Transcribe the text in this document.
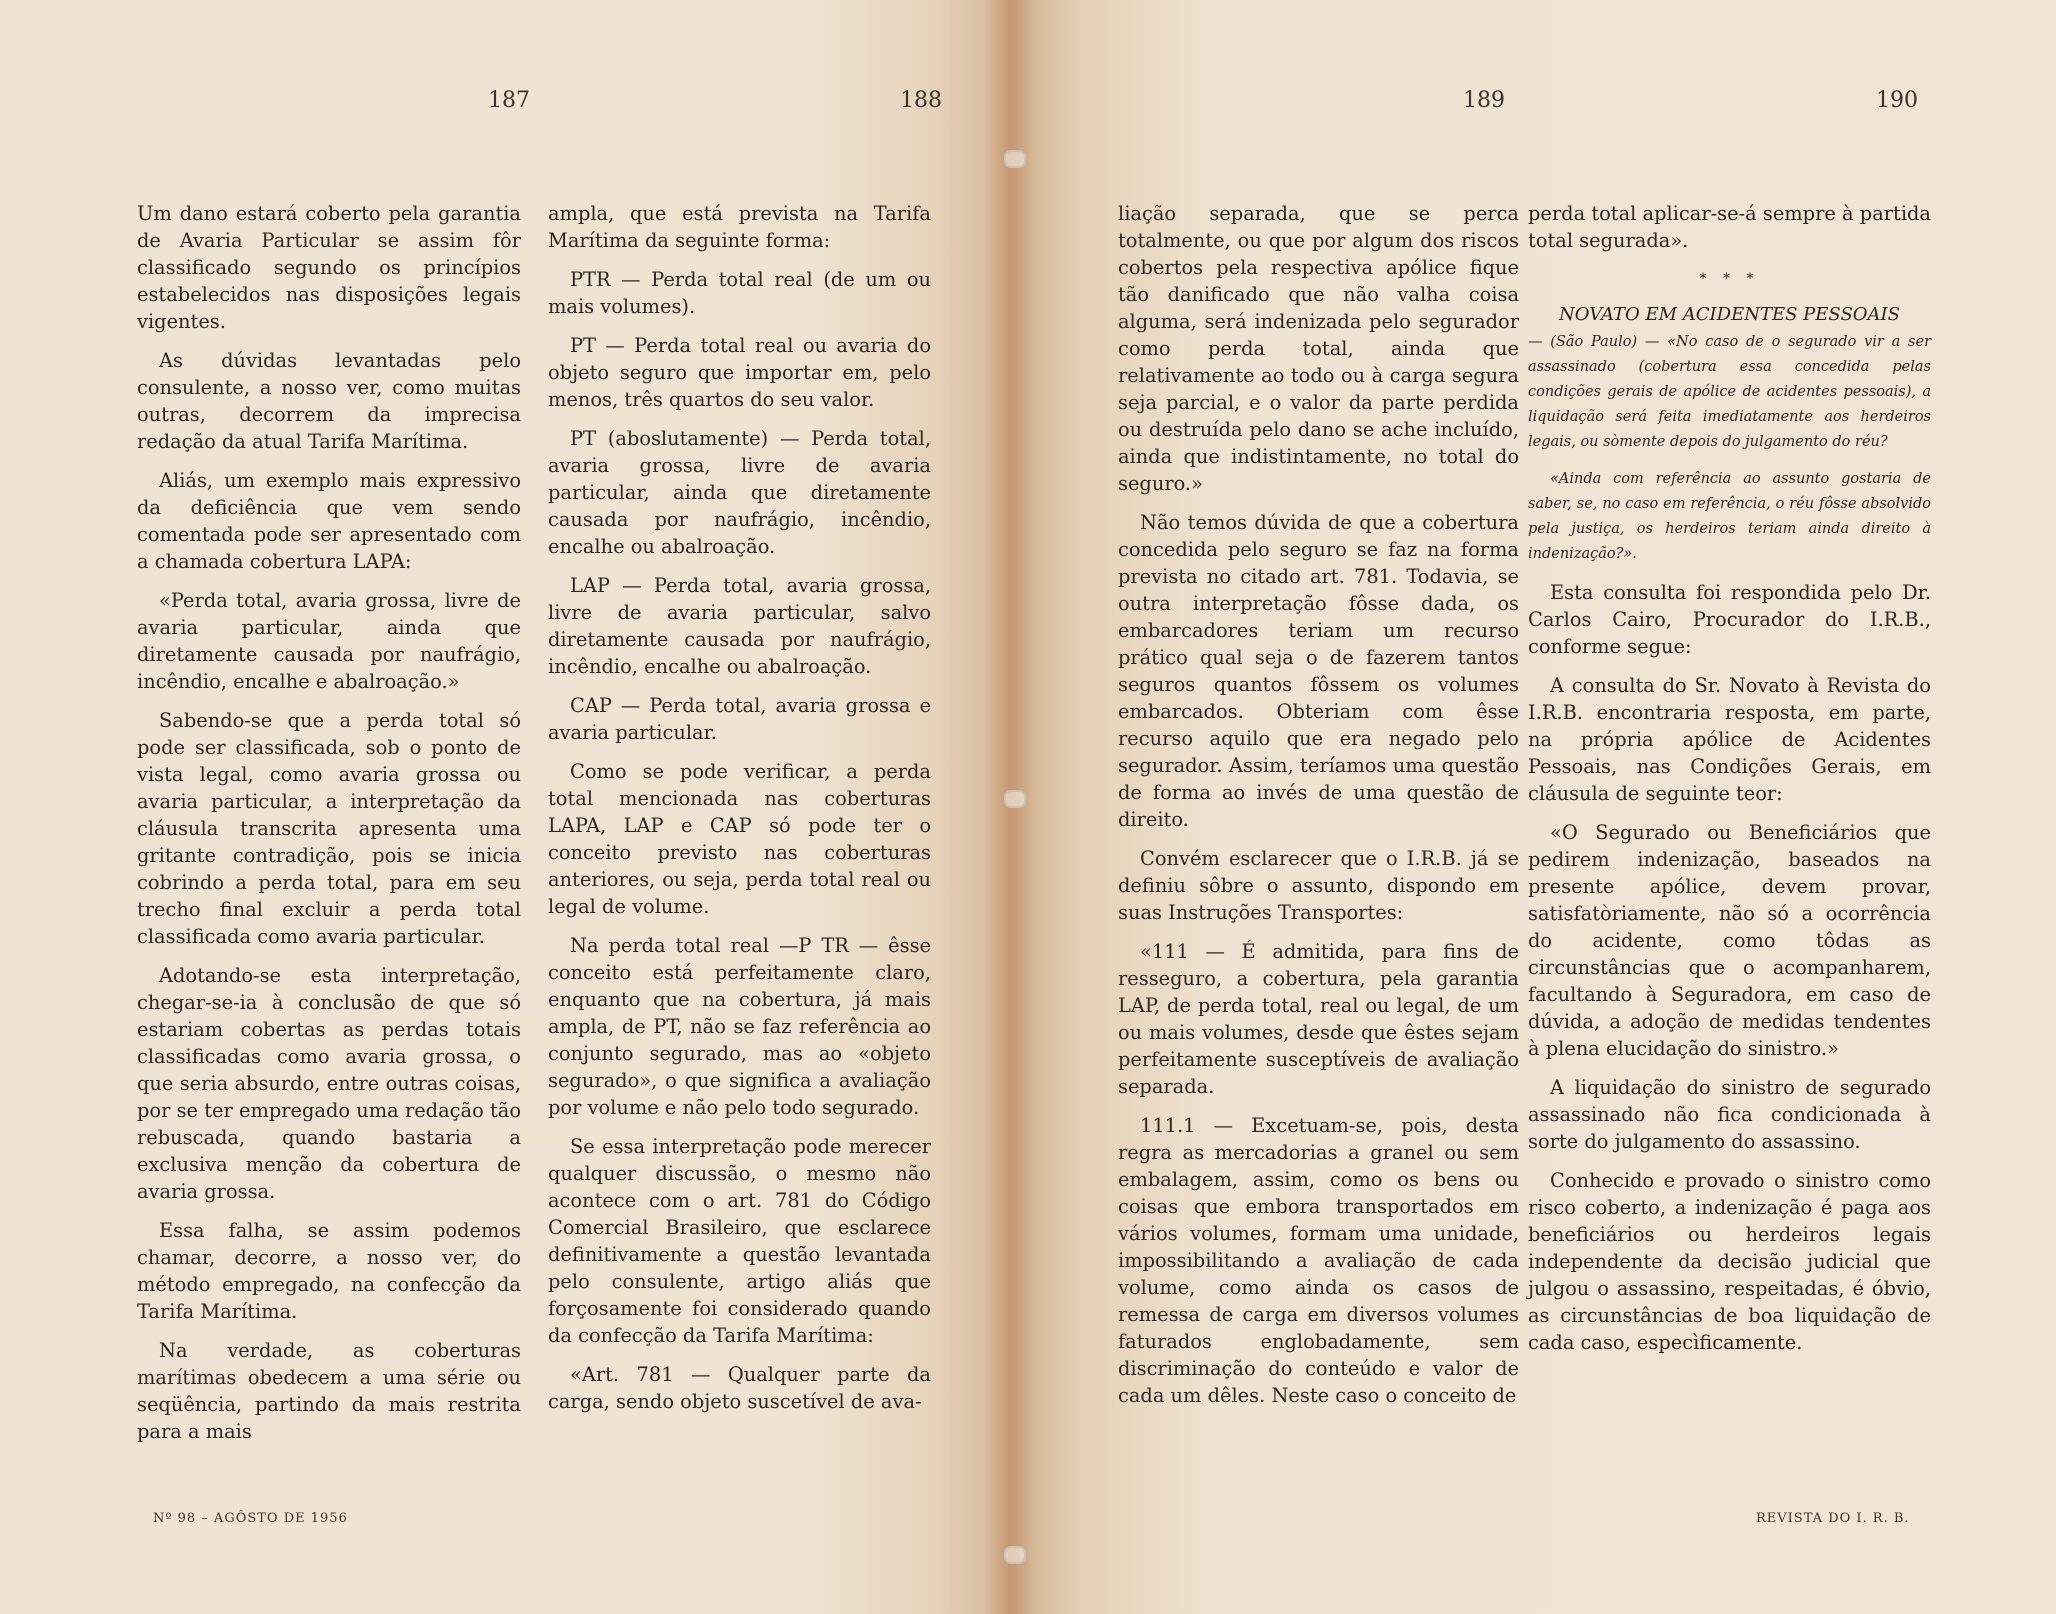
187	188

Um dano estará coberto pela garantia de Avaria Particular se assim fôr classificado segundo os princípios estabelecidos nas disposições legais vigentes.

As dúvidas levantadas pelo consulente, a nosso ver, como muitas outras, decorrem da imprecisa redação da atual Tarifa Marítima.

Aliás, um exemplo mais expressivo da deficiência que vem sendo comentada pode ser apresentado com a chamada cobertura LAPA:

«Perda total, avaria grossa, livre de avaria particular, ainda que diretamente causada por naufrágio, incêndio, encalhe e abalroação.»

Sabendo-se que a perda total só pode ser classificada, sob o ponto de vista legal, como avaria grossa ou avaria particular, a interpretação da cláusula transcrita apresenta uma gritante contradição, pois se inicia cobrindo a perda total, para em seu trecho final excluir a perda total classificada como avaria particular.

Adotando-se esta interpretação, chegar-se-ia à conclusão de que só estariam cobertas as perdas totais classificadas como avaria grossa, o que seria absurdo, entre outras coisas, por se ter empregado uma redação tão rebuscada, quando bastaria a exclusiva menção da cobertura de avaria grossa.

Essa falha, se assim podemos chamar, decorre, a nosso ver, do método empregado, na confecção da Tarifa Marítima.

Na verdade, as coberturas marítimas obedecem a uma série ou seqüência, partindo da mais restrita para a mais

ampla, que está prevista na Tarifa Marítima da seguinte forma:

PTR — Perda total real (de um ou mais volumes).

PT — Perda total real ou avaria do objeto seguro que importar em, pelo menos, três quartos do seu valor.

PT (aboslutamente) — Perda total, avaria grossa, livre de avaria particular, ainda que diretamente causada por naufrágio, incêndio, encalhe ou abalroação.

LAP — Perda total, avaria grossa, livre de avaria particular, salvo diretamente causada por naufrágio, incêndio, encalhe ou abalroação.

CAP — Perda total, avaria grossa e avaria particular.

Como se pode verificar, a perda total mencionada nas coberturas LAPA, LAP e CAP só pode ter o conceito previsto nas coberturas anteriores, ou seja, perda total real ou legal de volume.

Na perda total real —P TR — êsse conceito está perfeitamente claro, enquanto que na cobertura, já mais ampla, de PT, não se faz referência ao conjunto segurado, mas ao «objeto segurado», o que significa a avaliação por volume e não pelo todo segurado.

Se essa interpretação pode merecer qualquer discussão, o mesmo não acontece com o art. 781 do Código Comercial Brasileiro, que esclarece definitivamente a questão levantada pelo consulente, artigo aliás que forçosamente foi considerado quando da confecção da Tarifa Marítima:

«Art. 781 — Qualquer parte da carga, sendo objeto suscetível de ava-

Nº 98 – AGÔSTO DE 1956
189	190

liação separada, que se perca totalmente, ou que por algum dos riscos cobertos pela respectiva apólice fique tão danificado que não valha coisa alguma, será indenizada pelo segurador como perda total, ainda que relativamente ao todo ou à carga segura seja parcial, e o valor da parte perdida ou destruída pelo dano se ache incluído, ainda que indistintamente, no total do seguro.»

Não temos dúvida de que a cobertura concedida pelo seguro se faz na forma prevista no citado art. 781. Todavia, se outra interpretação fôsse dada, os embarcadores teriam um recurso prático qual seja o de fazerem tantos seguros quantos fôssem os volumes embarcados. Obteriam com êsse recurso aquilo que era negado pelo segurador. Assim, teríamos uma questão de forma ao invés de uma questão de direito.

Convém esclarecer que o I.R.B. já se definiu sôbre o assunto, dispondo em suas Instruções Transportes:

«111 — É admitida, para fins de resseguro, a cobertura, pela garantia LAP, de perda total, real ou legal, de um ou mais volumes, desde que êstes sejam perfeitamente susceptíveis de avaliação separada.

111.1 — Excetuam-se, pois, desta regra as mercadorias a granel ou sem embalagem, assim, como os bens ou coisas que embora transportados em vários volumes, formam uma unidade, impossibilitando a avaliação de cada volume, como ainda os casos de remessa de carga em diversos volumes faturados englobadamente, sem discriminação do conteúdo e valor de cada um dêles. Neste caso o conceito de

perda total aplicar-se-á sempre à partida total segurada».

* * *

NOVATO EM ACIDENTES PESSOAIS

— (São Paulo) — «No caso de o segurado vir a ser assassinado (cobertura essa concedida pelas condições gerais de apólice de acidentes pessoais), a liquidação será feita imediatamente aos herdeiros legais, ou sòmente depois do julgamento do réu?

«Ainda com referência ao assunto gostaria de saber, se, no caso em referência, o réu fôsse absolvido pela justiça, os herdeiros teriam ainda direito à indenização?».

Esta consulta foi respondida pelo Dr. Carlos Cairo, Procurador do I.R.B., conforme segue:

A consulta do Sr. Novato à Revista do I.R.B. encontraria resposta, em parte, na própria apólice de Acidentes Pessoais, nas Condições Gerais, em cláusula de seguinte teor:

«O Segurado ou Beneficiários que pedirem indenização, baseados na presente apólice, devem provar, satisfatòriamente, não só a ocorrência do acidente, como tôdas as circunstâncias que o acompanharem, facultando à Seguradora, em caso de dúvida, a adoção de medidas tendentes à plena elucidação do sinistro.»

A liquidação do sinistro de segurado assassinado não fica condicionada à sorte do julgamento do assassino.

Conhecido e provado o sinistro como risco coberto, a indenização é paga aos beneficiários ou herdeiros legais independente da decisão judicial que julgou o assassino, respeitadas, é óbvio, as circunstâncias de boa liquidação de cada caso, especìficamente.

REVISTA DO I. R. B.
